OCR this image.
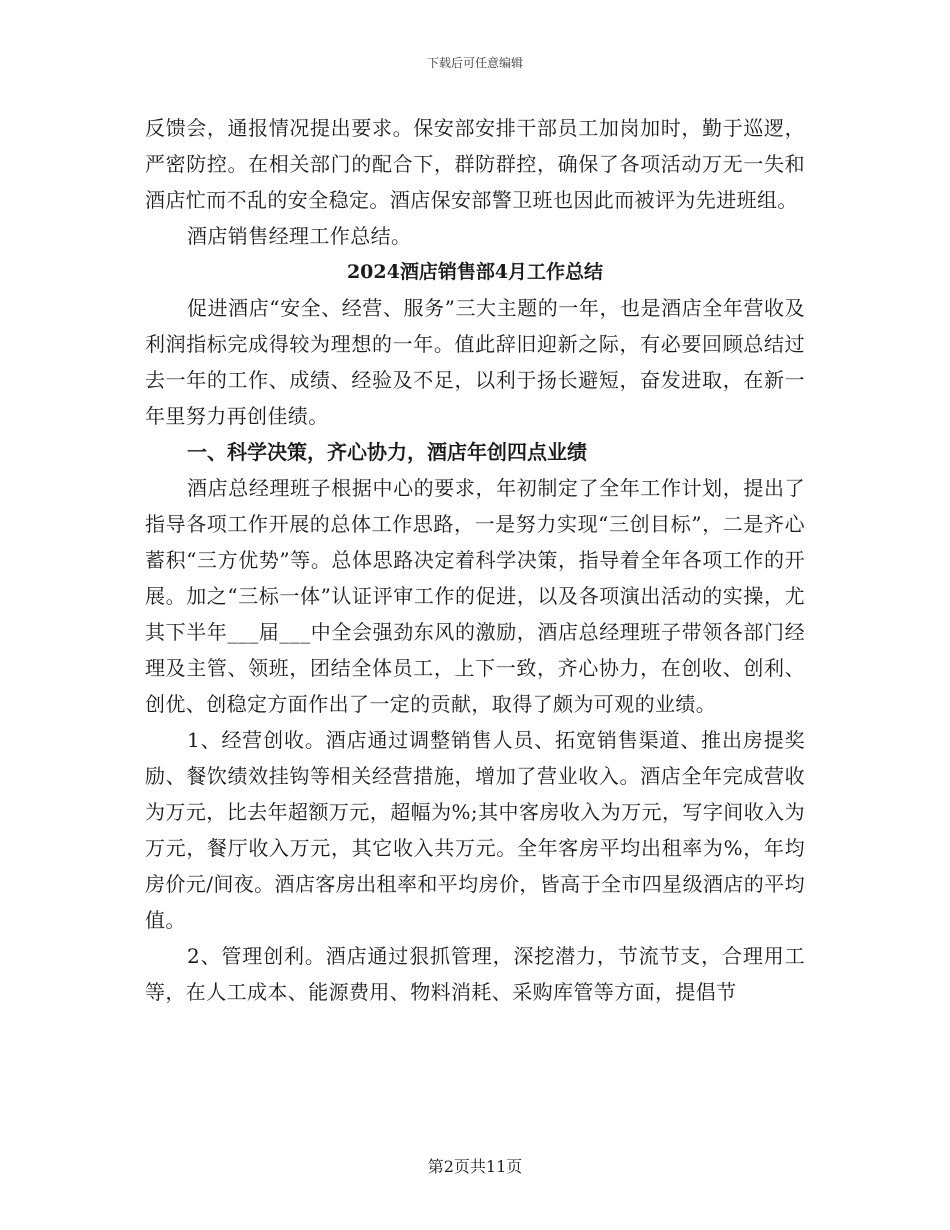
下载后可任意编辑

反馈会，通报情况提出要求。保安部安排干部员工加岗加时，勤于巡逻，严密防控。在相关部门的配合下，群防群控，确保了各项活动万无一失和酒店忙而不乱的安全稳定。酒店保安部警卫班也因此而被评为先进班组。

酒店销售经理工作总结。

2024酒店销售部4月工作总结

促进酒店“安全、经营、服务”三大主题的一年，也是酒店全年营收及利润指标完成得较为理想的一年。值此辞旧迎新之际，有必要回顾总结过去一年的工作、成绩、经验及不足，以利于扬长避短，奋发进取，在新一年里努力再创佳绩。

一、科学决策，齐心协力，酒店年创四点业绩

酒店总经理班子根据中心的要求，年初制定了全年工作计划，提出了指导各项工作开展的总体工作思路，一是努力实现“三创目标”，二是齐心蓄积“三方优势”等。总体思路决定着科学决策，指导着全年各项工作的开展。加之“三标一体”认证评审工作的促进，以及各项演出活动的实操，尤其下半年___届___中全会强劲东风的激励，酒店总经理班子带领各部门经理及主管、领班，团结全体员工，上下一致，齐心协力，在创收、创利、创优、创稳定方面作出了一定的贡献，取得了颇为可观的业绩。

1、经营创收。酒店通过调整销售人员、拓宽销售渠道、推出房提奖励、餐饮绩效挂钩等相关经营措施，增加了营业收入。酒店全年完成营收为万元，比去年超额万元，超幅为%;其中客房收入为万元，写字间收入为万元，餐厅收入万元，其它收入共万元。全年客房平均出租率为%，年均房价元/间夜。酒店客房出租率和平均房价，皆高于全市四星级酒店的平均值。

2、管理创利。酒店通过狠抓管理，深挖潜力，节流节支，合理用工等，在人工成本、能源费用、物料消耗、采购库管等方面，提倡节

第2页共11页
